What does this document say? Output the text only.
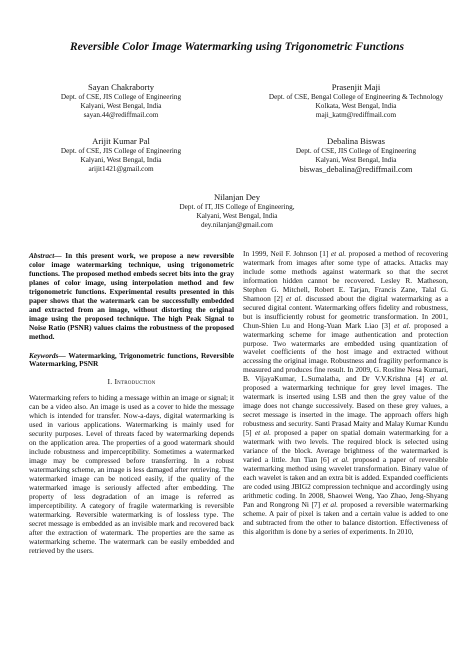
Reversible Color Image Watermarking using Trigonometric Functions
Sayan Chakraborty
Dept. of CSE, JIS College of Engineering
Kalyani, West Bengal, India
sayan.44@rediffmail.com
Prasenjit Maji
Dept. of CSE, Bengal College of Engineering & Technology
Kolkata, West Bengal, India
maji_katm@rediffmail.com
Arijit Kumar Pal
Dept. of CSE, JIS College of Engineering
Kalyani, West Bengal, India
arijit1421@gmail.com
Debalina Biswas
Dept. of CSE, JIS College of Engineering
Kalyani, West Bengal, India
biswas_debalina@rediffmail.com
Nilanjan Dey
Dept. of IT, JIS College of Engineering,
Kalyani, West Bengal, India
dey.nilanjan@gmail.com

Abstract— In this present work, we propose a new reversible color image watermarking technique, using trigonometric functions. The proposed method embeds secret bits into the gray planes of color image, using interpolation method and few trigonometric functions. Experimental results presented in this paper shows that the watermark can be successfully embedded and extracted from an image, without distorting the original image using the proposed technique. The high Peak Signal to Noise Ratio (PSNR) values claims the robustness of the proposed method.

Keywords— Watermarking, Trigonometric functions, Reversible Watermarking, PSNR

I. Introduction

Watermarking refers to hiding a message within an image or signal; it can be a video also. An image is used as a cover to hide the message which is intended for transfer. Now-a-days, digital watermarking is used in various applications. Watermarking is mainly used for security purposes. Level of threats faced by watermarking depends on the application area. The properties of a good watermark should include robustness and imperceptibility. Sometimes a watermarked image may be compressed before transferring. In a robust watermarking scheme, an image is less damaged after retrieving. The watermarked image can be noticed easily, if the quality of the watermarked image is seriously affected after embedding. The property of less degradation of an image is referred as imperceptibility. A category of fragile watermarking is reversible watermarking. Reversible watermarking is of lossless type. The secret message is embedded as an invisible mark and recovered back after the extraction of watermark. The properties are the same as watermarking scheme. The watermark can be easily embedded and retrieved by the users.

In 1999, Neil F. Johnson [1] et al. proposed a method of recovering watermark from images after some type of attacks. Attacks may include some methods against watermark so that the secret information hidden cannot be recovered. Lesley R. Matheson, Stephen G. Mitchell, Robert E. Tarjan, Francis Zane, Talal G. Shamoon [2] et al. discussed about the digital watermarking as a secured digital content. Watermarking offers fidelity and robustness, but is insufficiently robust for geometric transformation. In 2001, Chun-Shien Lu and Hong-Yuan Mark Liao [3] et al. proposed a watermarking scheme for image authentication and protection purpose. Two watermarks are embedded using quantization of wavelet coefficients of the host image and extracted without accessing the original image. Robustness and fragility performance is measured and produces fine result. In 2009, G. Rosline Nesa Kumari, B. VijayaKumar, L.Sumalatha, and Dr V.V.Krishna [4] et al. proposed a watermarking technique for grey level images. The watermark is inserted using LSB and then the grey value of the image does not change successively. Based on these grey values, a secret message is inserted in the image. The approach offers high robustness and security. Santi Prasad Maity and Malay Kumar Kundu [5] et al. proposed a paper on spatial domain watermarking for a watermark with two levels. The required block is selected using variance of the block. Average brightness of the watermarked is varied a little. Jun Tian [6] et al. proposed a paper of reversible watermarking method using wavelet transformation. Binary value of each wavelet is taken and an extra bit is added. Expanded coefficients are coded using JBIG2 compression technique and accordingly using arithmetic coding. In 2008, Shaowei Weng, Yao Zhao, Jeng-Shyang Pan and Rongrong Ni [7] et al. proposed a reversible watermarking scheme. A pair of pixel is taken and a certain value is added to one and subtracted from the other to balance distortion. Effectiveness of this algorithm is done by a series of experiments. In 2010,
